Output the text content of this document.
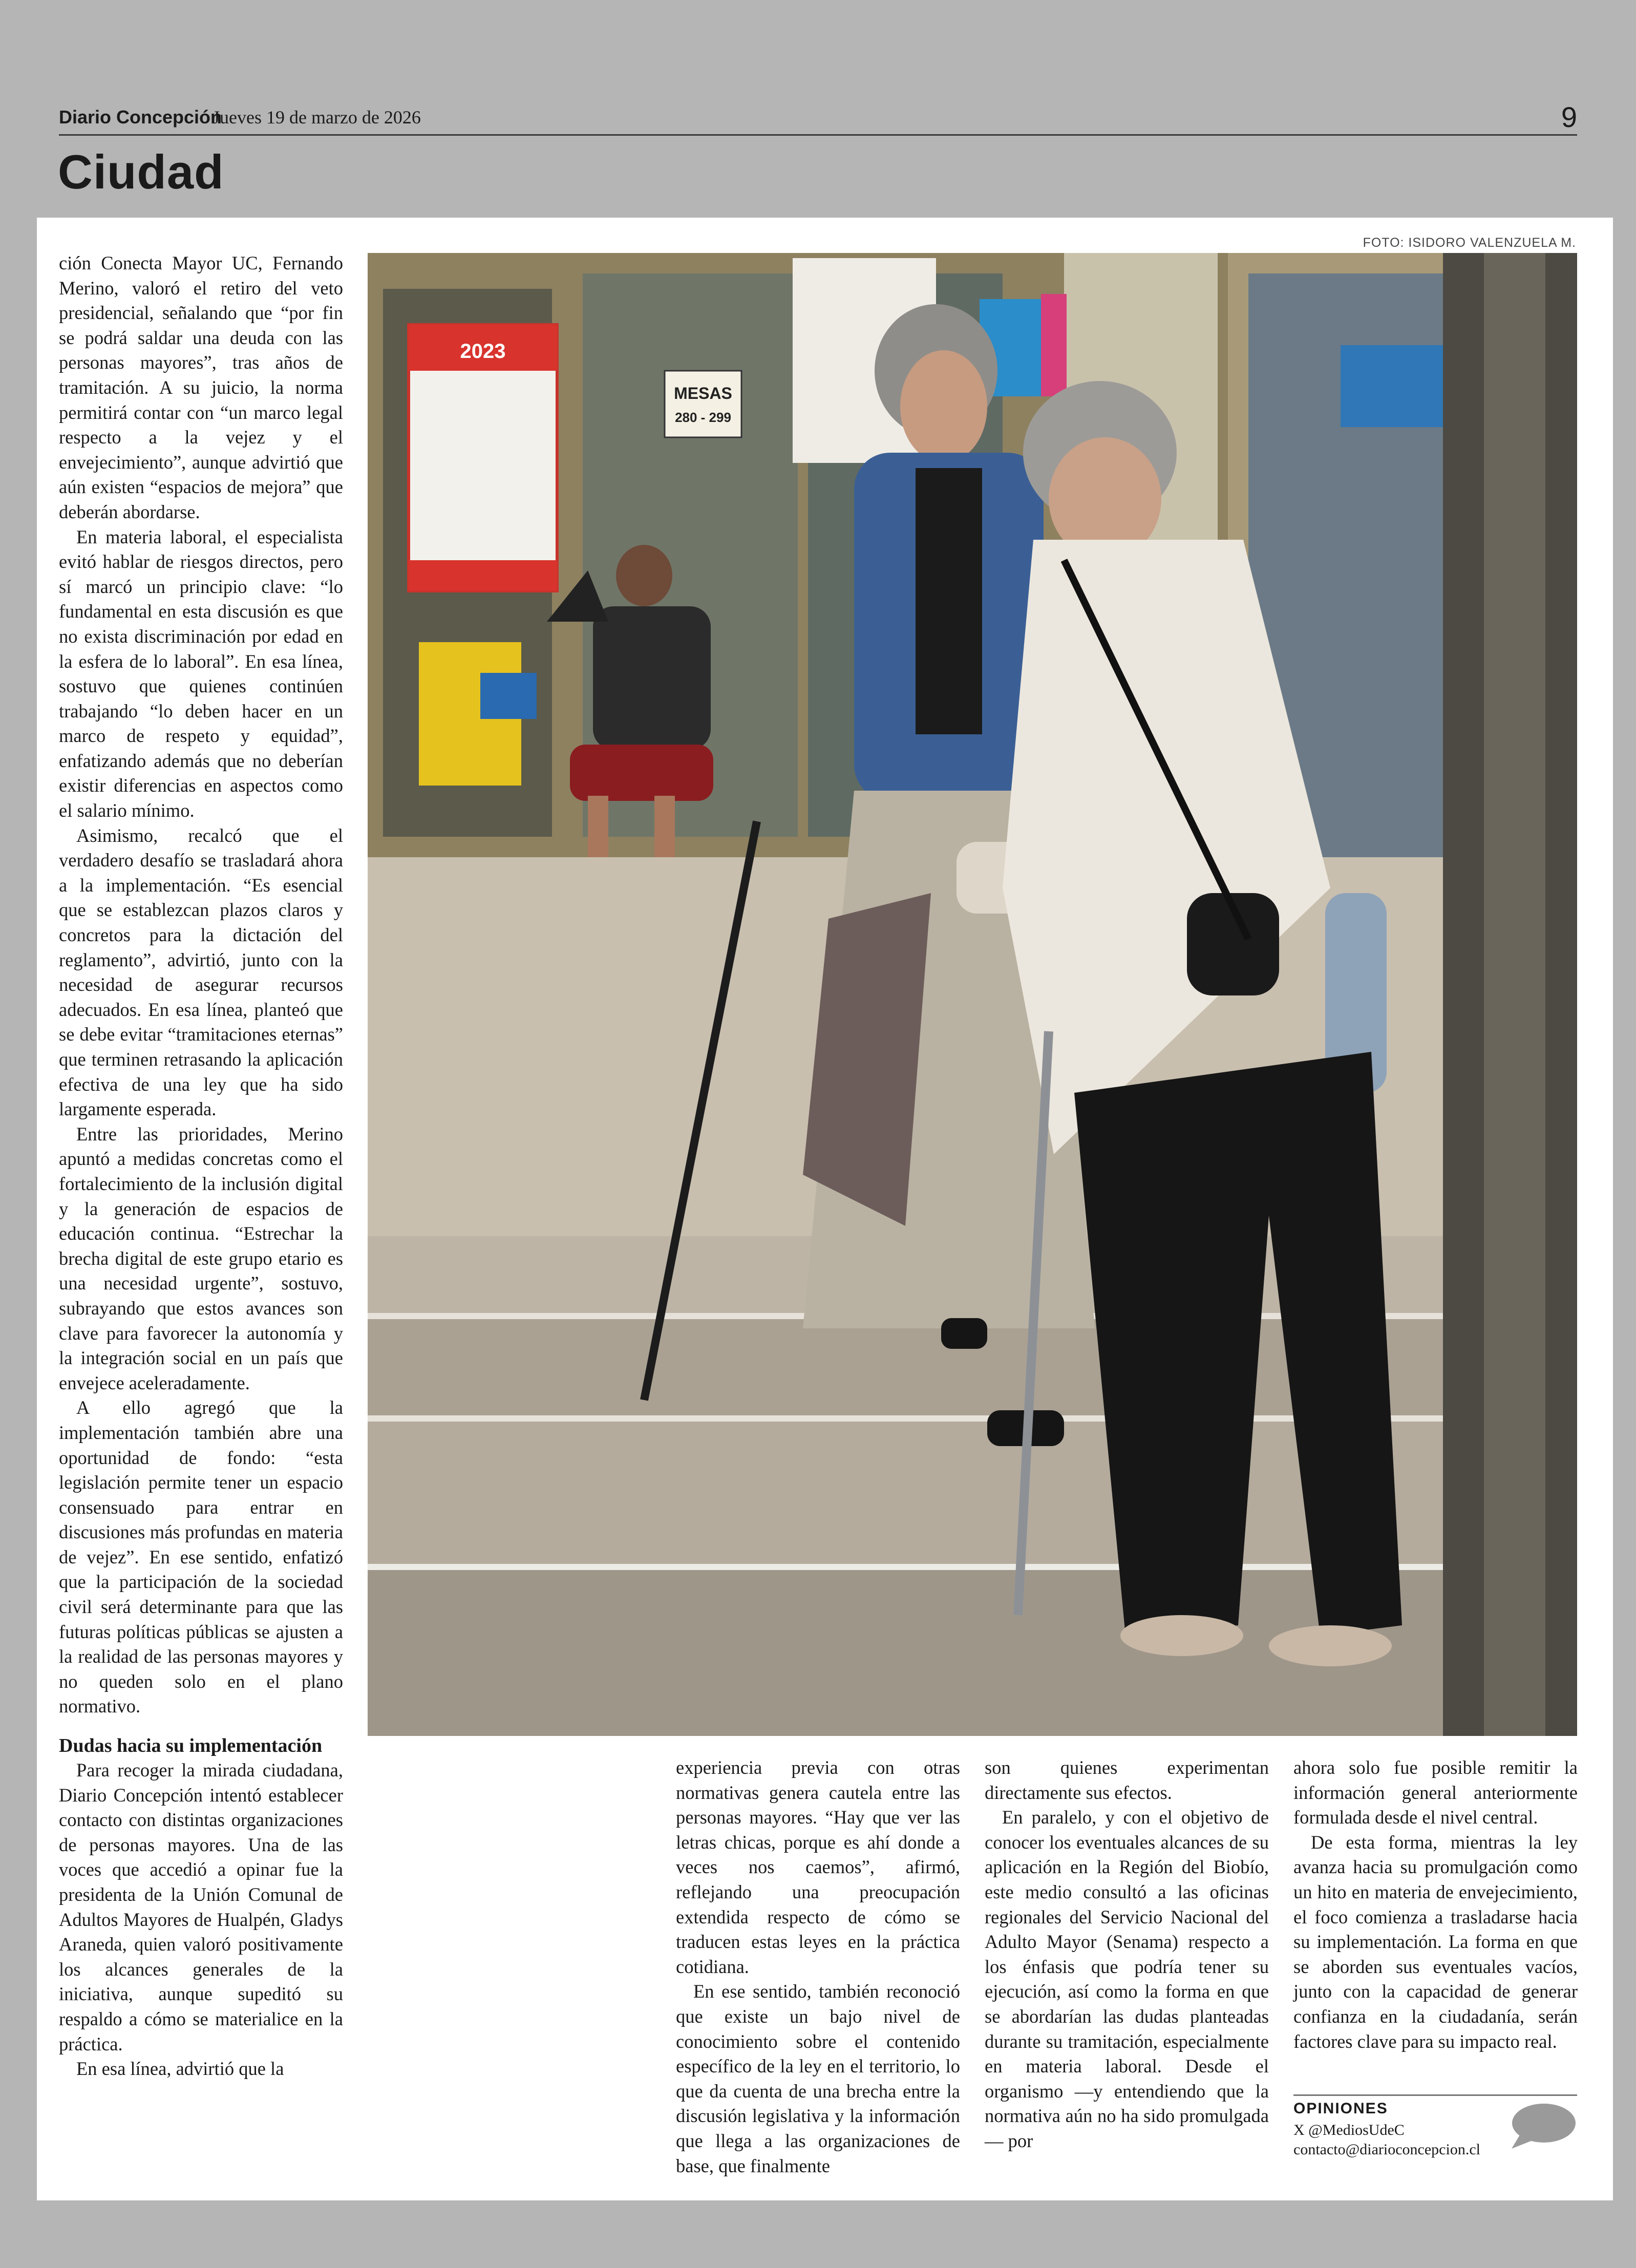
Diario Concepción
Jueves 19 de marzo de 2026	9
Ciudad
FOTO: ISIDORO VALENZUELA M.
2023
MESAS
280 - 299

ción Conecta Mayor UC, Fernando Merino, valoró el retiro del veto presidencial, señalando que “por fin se podrá saldar una deuda con las personas mayores”, tras años de tramitación. A su juicio, la norma permitirá contar con “un marco legal respecto a la vejez y el envejecimiento”, aunque advirtió que aún existen “espacios de mejora” que deberán abordarse.

En materia laboral, el especialista evitó hablar de riesgos directos, pero sí marcó un principio clave: “lo fundamental en esta discusión es que no exista discriminación por edad en la esfera de lo laboral”. En esa línea, sostuvo que quienes continúen trabajando “lo deben hacer en un marco de respeto y equidad”, enfatizando además que no deberían existir diferencias en aspectos como el salario mínimo.

Asimismo, recalcó que el verdadero desafío se trasladará ahora a la implementación. “Es esencial que se establezcan plazos claros y concretos para la dictación del reglamento”, advirtió, junto con la necesidad de asegurar recursos adecuados. En esa línea, planteó que se debe evitar “tramitaciones eternas” que terminen retrasando la aplicación efectiva de una ley que ha sido largamente esperada.

Entre las prioridades, Merino apuntó a medidas concretas como el fortalecimiento de la inclusión digital y la generación de espacios de educación continua. “Estrechar la brecha digital de este grupo etario es una necesidad urgente”, sostuvo, subrayando que estos avances son clave para favorecer la autonomía y la integración social en un país que envejece aceleradamente.

A ello agregó que la implementación también abre una oportunidad de fondo: “esta legislación permite tener un espacio consensuado para entrar en discusiones más profundas en materia de vejez”. En ese sentido, enfatizó que la participación de la sociedad civil será determinante para que las futuras políticas públicas se ajusten a la realidad de las personas mayores y no queden solo en el plano normativo.

Dudas hacia su implementación

Para recoger la mirada ciudadana, Diario Concepción intentó establecer contacto con distintas organizaciones de personas mayores. Una de las voces que accedió a opinar fue la presidenta de la Unión Comunal de Adultos Mayores de Hualpén, Gladys Araneda, quien valoró positivamente los alcances generales de la iniciativa, aunque supeditó su respaldo a cómo se materialice en la práctica.

En esa línea, advirtió que la

experiencia previa con otras normativas genera cautela entre las personas mayores. “Hay que ver las letras chicas, porque es ahí donde a veces nos caemos”, afirmó, reflejando una preocupación extendida respecto de cómo se traducen estas leyes en la práctica cotidiana.

En ese sentido, también reconoció que existe un bajo nivel de conocimiento sobre el contenido específico de la ley en el territorio, lo que da cuenta de una brecha entre la discusión legislativa y la información que llega a las organizaciones de base, que finalmente

son quienes experimentan directamente sus efectos.

En paralelo, y con el objetivo de conocer los eventuales alcances de su aplicación en la Región del Biobío, este medio consultó a las oficinas regionales del Servicio Nacional del Adulto Mayor (Senama) respecto a los énfasis que podría tener su ejecución, así como la forma en que se abordarían las dudas planteadas durante su tramitación, especialmente en materia laboral. Desde el organismo —y entendiendo que la normativa aún no ha sido promulgada— por

ahora solo fue posible remitir la información general anteriormente formulada desde el nivel central.

De esta forma, mientras la ley avanza hacia su promulgación como un hito en materia de envejecimiento, el foco comienza a trasladarse hacia su implementación. La forma en que se aborden sus eventuales vacíos, junto con la capacidad de generar confianza en la ciudadanía, serán factores clave para su impacto real.

OPINIONES
X @MediosUdeC
contacto@diarioconcepcion.cl
